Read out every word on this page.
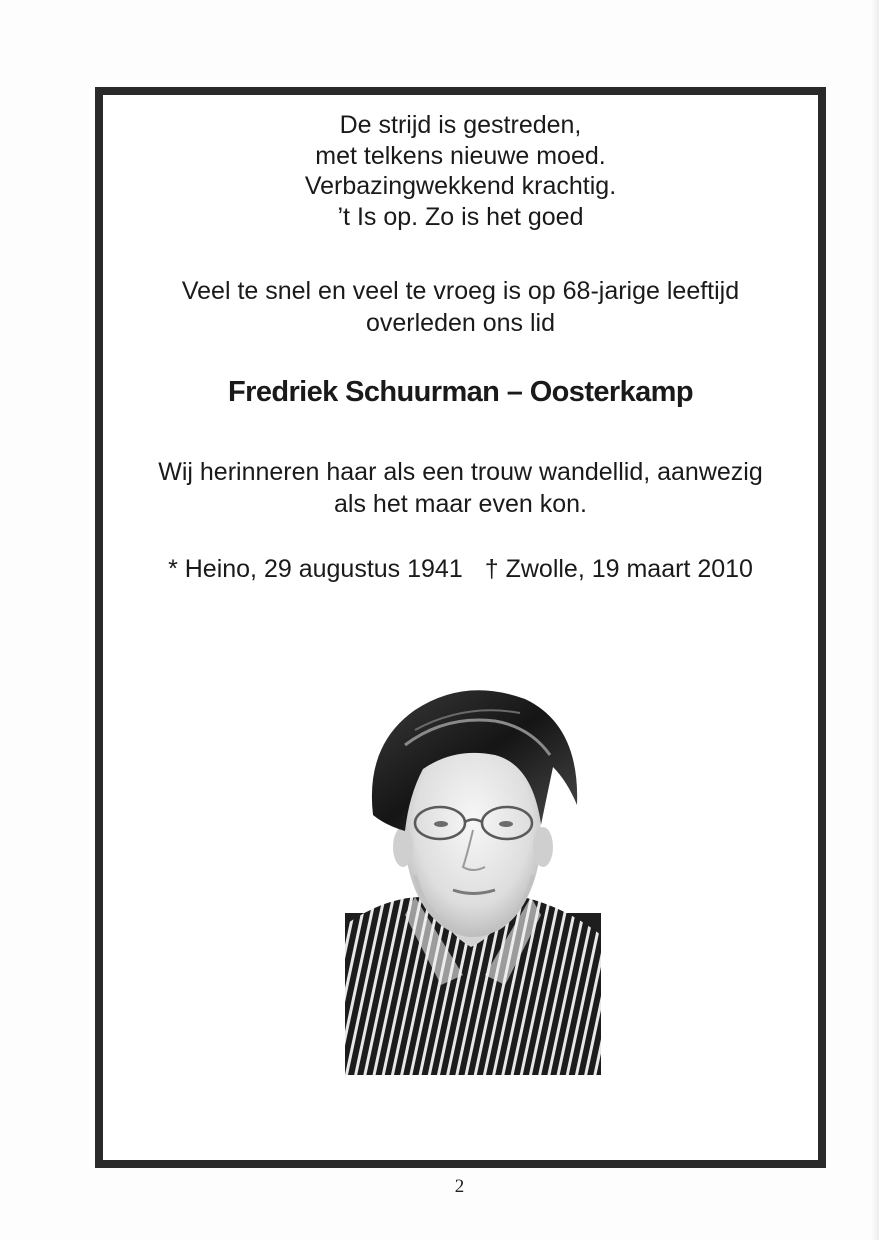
De strijd is gestreden,
met telkens nieuwe moed.
Verbazingwekkend krachtig.
’t Is op. Zo is het goed
Veel te snel en veel te vroeg is op 68-jarige leeftijd
overleden ons lid
Fredriek Schuurman – Oosterkamp
Wij herinneren haar als een trouw wandellid, aanwezig
als het maar even kon.
* Heino, 29 augustus 1941 † Zwolle, 19 maart 2010
2
